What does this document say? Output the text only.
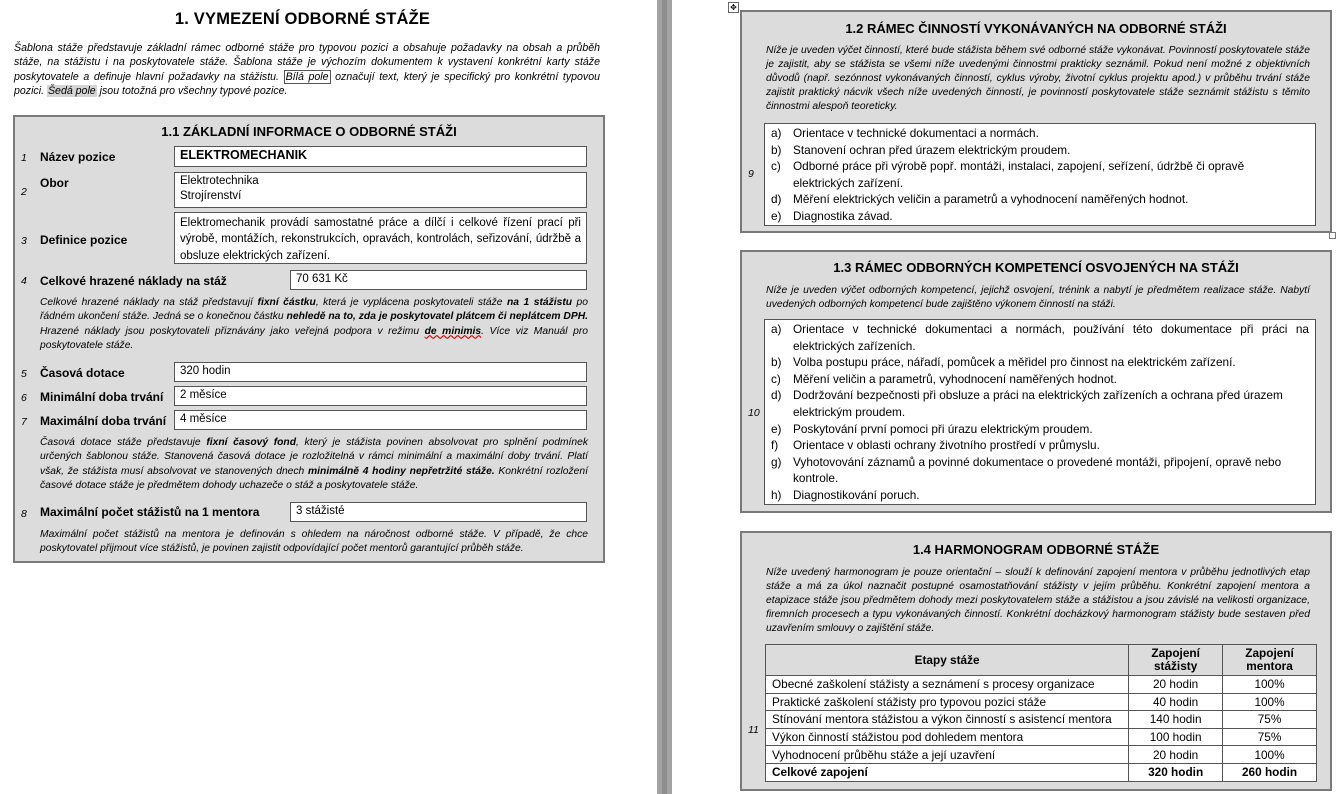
1. VYMEZENÍ ODBORNÉ STÁŽE
Šablona stáže představuje základní rámec odborné stáže pro typovou pozici a obsahuje požadavky na obsah a průběh stáže, na stážistu i na poskytovatele stáže. Šablona stáže je výchozím dokumentem k vystavení konkrétní karty stáže poskytovatele a definuje hlavní požadavky na stážistu. Bílá pole označují text, který je specifický pro konkrétní typovou pozici. Šedá pole jsou totožná pro všechny typové pozice.
1.1 ZÁKLADNÍ INFORMACE O ODBORNÉ STÁŽI
1 Název pozice	ELEKTROMECHANIK
2
Obor	Elektrotechnika
Strojírenství
3 Definice pozice
Elektromechanik provádí samostatné práce a dílčí i celkové řízení prací při výrobě, montážích, rekonstrukcích, opravách, kontrolách, seřizování, údržbě a obsluze elektrických zařízení.
4 Celkové hrazené náklady na stáž	70 631 Kč
Celkové hrazené náklady na stáž představují fixní částku, která je vyplácena poskytovateli stáže na 1 stážistu po řádném ukončení stáže. Jedná se o konečnou částku nehledě na to, zda je poskytovatel plátcem či neplátcem DPH. Hrazené náklady jsou poskytovateli přiznávány jako veřejná podpora v režimu de minimis. Více viz Manuál pro poskytovatele stáže.
5 Časová dotace	320 hodin
6 Minimální doba trvání	2 měsíce
7 Maximální doba trvání	4 měsíce
Časová dotace stáže představuje fixní časový fond, který je stážista povinen absolvovat pro splnění podmínek určených šablonou stáže. Stanovená časová dotace je rozložitelná v rámci minimální a maximální doby trvání. Platí však, že stážista musí absolvovat ve stanovených dnech minimálně 4 hodiny nepřetržité stáže. Konkrétní rozložení časové dotace stáže je předmětem dohody uchazeče o stáž a poskytovatele stáže.
8 Maximální počet stážistů na 1 mentora	3 stážisté
Maximální počet stážistů na mentora je definován s ohledem na náročnost odborné stáže. V případě, že chce poskytovatel přijmout více stážistů, je povinen zajistit odpovídající počet mentorů garantující průběh stáže.
✥
1.2 RÁMEC ČINNOSTÍ VYKONÁVANÝCH NA ODBORNÉ STÁŽI
Níže je uveden výčet činností, které bude stážista během své odborné stáže vykonávat. Povinností poskytovatele stáže je zajistit, aby se stážista se všemi níže uvedenými činnostmi prakticky seznámil. Pokud není možné z objektivních důvodů (např. sezónnost vykonávaných činností, cyklus výroby, životní cyklus projektu apod.) v průběhu trvání stáže zajistit praktický nácvik všech níže uvedených činností, je povinností poskytovatele stáže seznámit stážistu s těmito činnostmi alespoň teoreticky.
9
a) Orientace v technické dokumentaci a normách.
b) Stanovení ochran před úrazem elektrickým proudem.
c)	Odborné práce při výrobě popř. montáži, instalaci, zapojení, seřízení, údržbě či opravě elektrických zařízení.
d) Měření elektrických veličin a parametrů a vyhodnocení naměřených hodnot.
e) Diagnostika závad.
1.3 RÁMEC ODBORNÝCH KOMPETENCÍ OSVOJENÝCH NA STÁŽI
Níže je uveden výčet odborných kompetencí, jejichž osvojení, trénink a nabytí je předmětem realizace stáže. Nabytí uvedených odborných kompetencí bude zajištěno výkonem činností na stáži.
10
a) Orientace v technické dokumentaci a normách, používání této dokumentace při práci na elektrických zařízeních.
b) Volba postupu práce, nářadí, pomůcek a měřidel pro činnost na elektrickém zařízení.
c)	Měření veličin a parametrů, vyhodnocení naměřených hodnot.
d) Dodržování bezpečnosti při obsluze a práci na elektrických zařízeních a ochrana před úrazem elektrickým proudem.
e) Poskytování první pomoci při úrazu elektrickým proudem.
f)	Orientace v oblasti ochrany životního prostředí v průmyslu.
g) Vyhotovování záznamů a povinné dokumentace o provedené montáži, připojení, opravě nebo kontrole.
h) Diagnostikování poruch.
1.4 HARMONOGRAM ODBORNÉ STÁŽE
Níže uvedený harmonogram je pouze orientační – slouží k definování zapojení mentora v průběhu jednotlivých etap stáže a má za úkol naznačit postupné osamostatňování stážisty v jejím průběhu. Konkrétní zapojení mentora a etapizace stáže jsou předmětem dohody mezi poskytovatelem stáže a stážistou a jsou závislé na velikosti organizace, firemních procesech a typu vykonávaných činností. Konkrétní docházkový harmonogram stážisty bude sestaven před uzavřením smlouvy o zajištění stáže.
11
Etapy stáže	Zapojení stážisty	Zapojení mentora
Obecné zaškolení stážisty a seznámení s procesy organizace	20 hodin	100%
Praktické zaškolení stážisty pro typovou pozici stáže	40 hodin	100%
Stínování mentora stážistou a výkon činností s asistencí mentora	140 hodin	75%
Výkon činností stážistou pod dohledem mentora	100 hodin	75%
Vyhodnocení průběhu stáže a její uzavření	20 hodin	100%
Celkové zapojení	320 hodin	260 hodin
